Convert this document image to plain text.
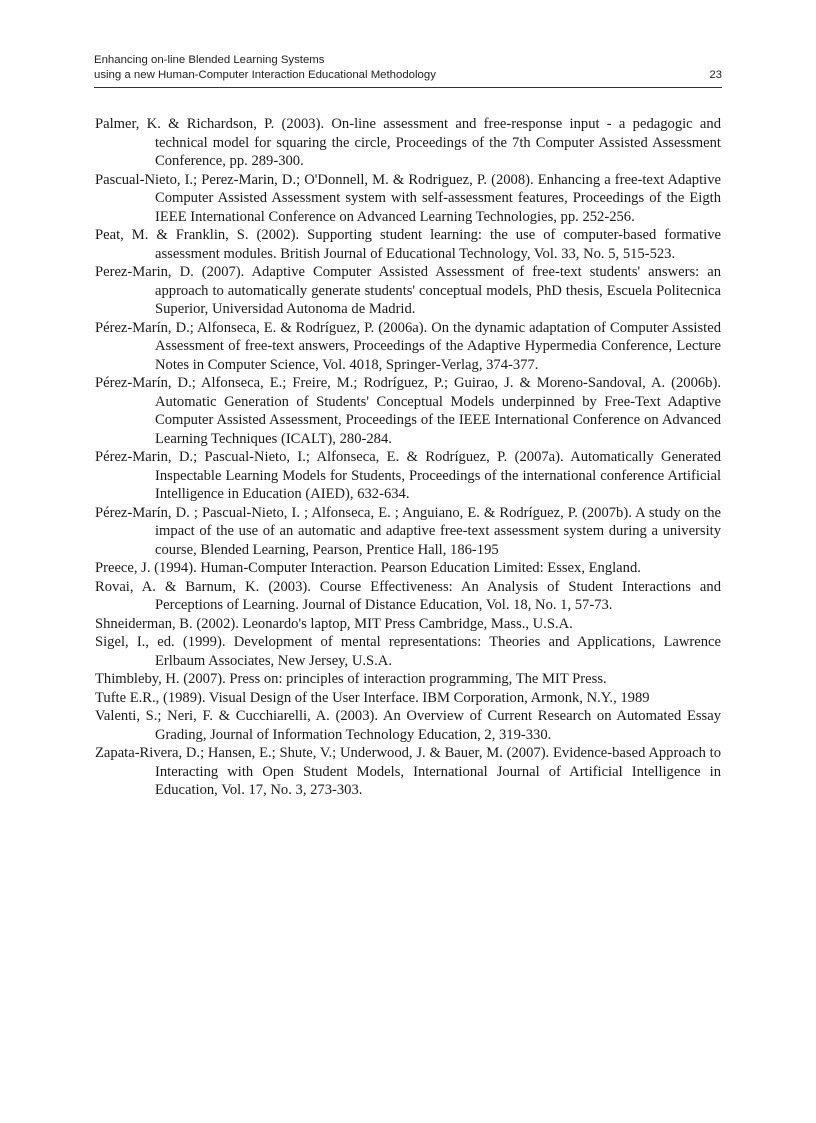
Enhancing on-line Blended Learning Systems
using a new Human-Computer Interaction Educational Methodology	23
Palmer, K. & Richardson, P. (2003). On-line assessment and free-response input - a pedagogic and technical model for squaring the circle, Proceedings of the 7th Computer Assisted Assessment Conference, pp. 289-300.
Pascual-Nieto, I.; Perez-Marin, D.; O'Donnell, M. & Rodriguez, P. (2008). Enhancing a free-text Adaptive Computer Assisted Assessment system with self-assessment features, Proceedings of the Eigth IEEE International Conference on Advanced Learning Technologies, pp. 252-256.
Peat, M. & Franklin, S. (2002). Supporting student learning: the use of computer-based formative assessment modules. British Journal of Educational Technology, Vol. 33, No. 5, 515-523.
Perez-Marin, D. (2007). Adaptive Computer Assisted Assessment of free-text students' answers: an approach to automatically generate students' conceptual models, PhD thesis, Escuela Politecnica Superior, Universidad Autonoma de Madrid.
Pérez-Marín, D.; Alfonseca, E. & Rodríguez, P. (2006a). On the dynamic adaptation of Computer Assisted Assessment of free-text answers, Proceedings of the Adaptive Hypermedia Conference, Lecture Notes in Computer Science, Vol. 4018, Springer-Verlag, 374-377.
Pérez-Marín, D.; Alfonseca, E.; Freire, M.; Rodríguez, P.; Guirao, J. & Moreno-Sandoval, A. (2006b). Automatic Generation of Students' Conceptual Models underpinned by Free-Text Adaptive Computer Assisted Assessment, Proceedings of the IEEE International Conference on Advanced Learning Techniques (ICALT), 280-284.
Pérez-Marin, D.; Pascual-Nieto, I.; Alfonseca, E. & Rodríguez, P. (2007a). Automatically Generated Inspectable Learning Models for Students, Proceedings of the international conference Artificial Intelligence in Education (AIED), 632-634.
Pérez-Marín, D. ; Pascual-Nieto, I. ; Alfonseca, E. ; Anguiano, E. & Rodríguez, P. (2007b). A study on the impact of the use of an automatic and adaptive free-text assessment system during a university course, Blended Learning, Pearson, Prentice Hall, 186-195
Preece, J. (1994). Human-Computer Interaction. Pearson Education Limited: Essex, England.
Rovai, A. & Barnum, K. (2003). Course Effectiveness: An Analysis of Student Interactions and Perceptions of Learning. Journal of Distance Education, Vol. 18, No. 1, 57-73.
Shneiderman, B. (2002). Leonardo's laptop, MIT Press Cambridge, Mass., U.S.A.
Sigel, I., ed. (1999). Development of mental representations: Theories and Applications, Lawrence Erlbaum Associates, New Jersey, U.S.A.
Thimbleby, H. (2007). Press on: principles of interaction programming, The MIT Press.
Tufte E.R., (1989). Visual Design of the User Interface. IBM Corporation, Armonk, N.Y., 1989
Valenti, S.; Neri, F. & Cucchiarelli, A. (2003). An Overview of Current Research on Automated Essay Grading, Journal of Information Technology Education, 2, 319-330.
Zapata-Rivera, D.; Hansen, E.; Shute, V.; Underwood, J. & Bauer, M. (2007). Evidence-based Approach to Interacting with Open Student Models, International Journal of Artificial Intelligence in Education, Vol. 17, No. 3, 273-303.
